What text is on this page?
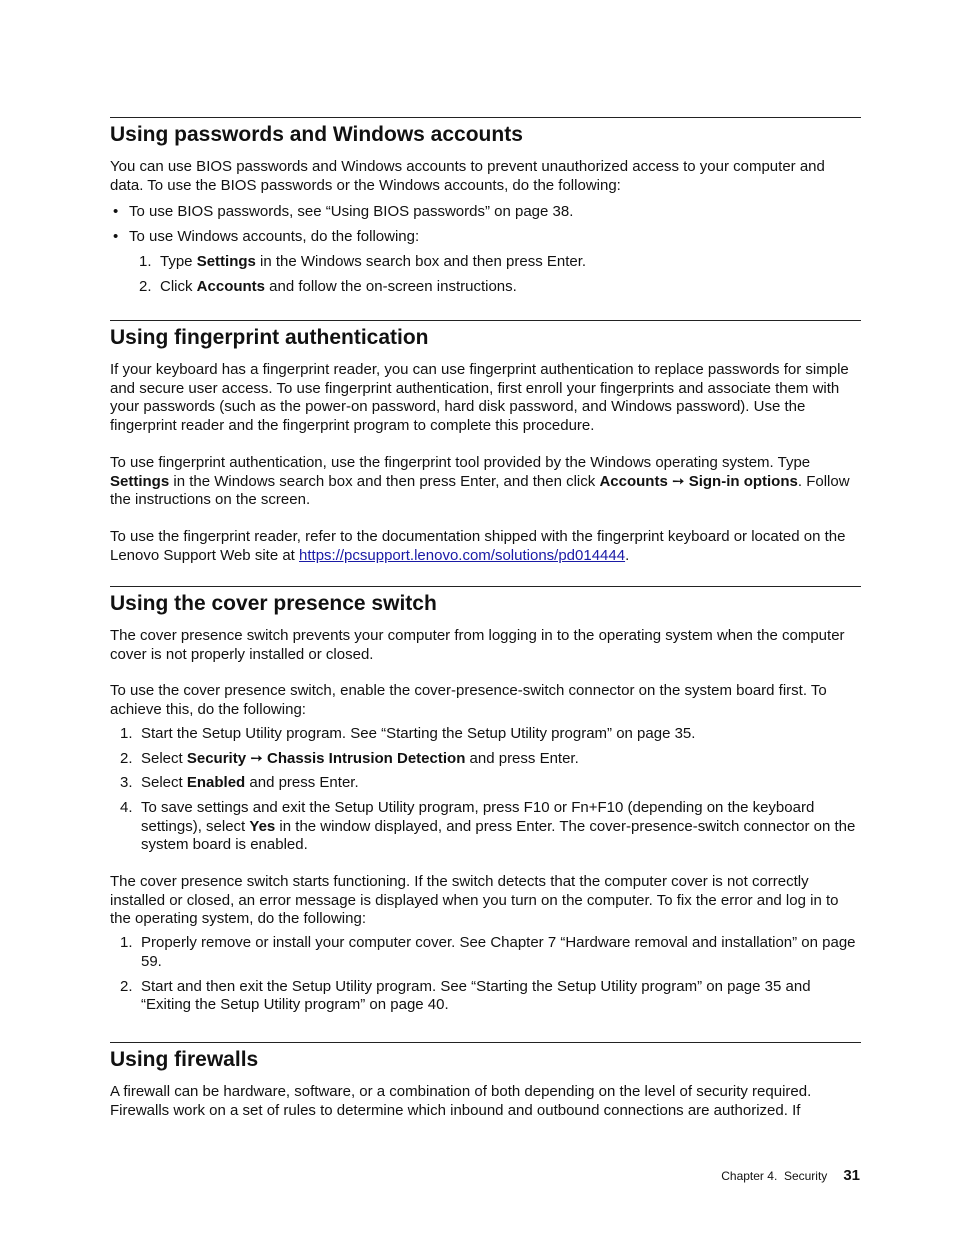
Using passwords and Windows accounts

You can use BIOS passwords and Windows accounts to prevent unauthorized access to your computer and data. To use the BIOS passwords or the Windows accounts, do the following:

• To use BIOS passwords, see “Using BIOS passwords” on page 38.
• To use Windows accounts, do the following:
1. Type Settings in the Windows search box and then press Enter.
2. Click Accounts and follow the on-screen instructions.
Using fingerprint authentication

If your keyboard has a fingerprint reader, you can use fingerprint authentication to replace passwords for simple and secure user access. To use fingerprint authentication, first enroll your fingerprints and associate them with your passwords (such as the power-on password, hard disk password, and Windows password). Use the fingerprint reader and the fingerprint program to complete this procedure.

To use fingerprint authentication, use the fingerprint tool provided by the Windows operating system. Type Settings in the Windows search box and then press Enter, and then click Accounts ➙ Sign-in options. Follow the instructions on the screen.

To use the fingerprint reader, refer to the documentation shipped with the fingerprint keyboard or located on the Lenovo Support Web site at https://pcsupport.lenovo.com/solutions/pd014444.

Using the cover presence switch

The cover presence switch prevents your computer from logging in to the operating system when the computer cover is not properly installed or closed.

To use the cover presence switch, enable the cover-presence-switch connector on the system board first. To achieve this, do the following:

1. Start the Setup Utility program. See “Starting the Setup Utility program” on page 35.
2. Select Security ➙ Chassis Intrusion Detection and press Enter.
3. Select Enabled and press Enter.
4. To save settings and exit the Setup Utility program, press F10 or Fn+F10 (depending on the keyboard settings), select Yes in the window displayed, and press Enter. The cover-presence-switch connector on the system board is enabled.

The cover presence switch starts functioning. If the switch detects that the computer cover is not correctly installed or closed, an error message is displayed when you turn on the computer. To fix the error and log in to the operating system, do the following:

1. Properly remove or install your computer cover. See Chapter 7 “Hardware removal and installation” on page 59.
2. Start and then exit the Setup Utility program. See “Starting the Setup Utility program” on page 35 and “Exiting the Setup Utility program” on page 40.
Using firewalls

A firewall can be hardware, software, or a combination of both depending on the level of security required. Firewalls work on a set of rules to determine which inbound and outbound connections are authorized. If

Chapter 4. Security 31
